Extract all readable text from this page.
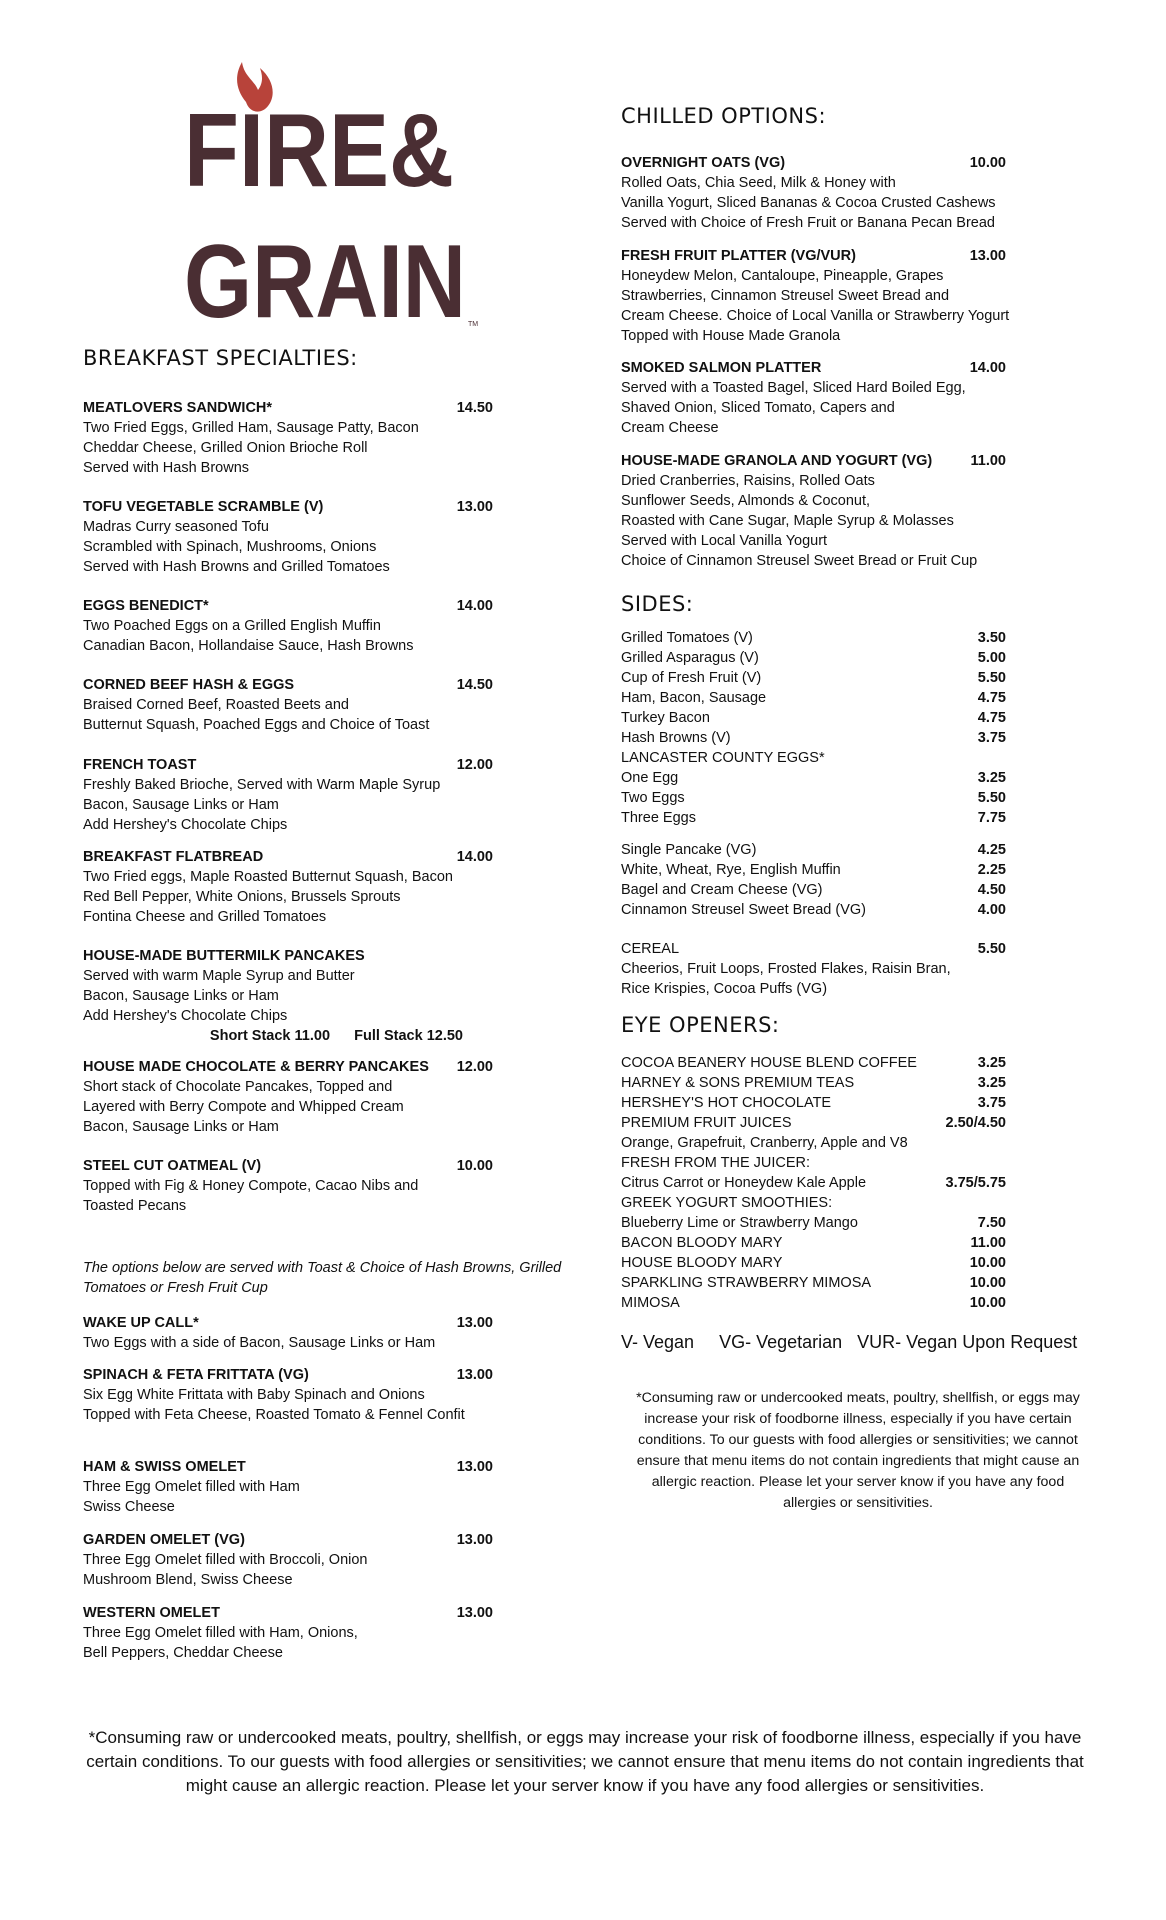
FIRE&
GRAIN TM
BREAKFAST SPECIALTIES:
MEATLOVERS SANDWICH*	14.50
Two Fried Eggs, Grilled Ham, Sausage Patty, Bacon
Cheddar Cheese, Grilled Onion Brioche Roll
Served with Hash Browns
TOFU VEGETABLE SCRAMBLE (V)	13.00
Madras Curry seasoned Tofu
Scrambled with Spinach, Mushrooms, Onions
Served with Hash Browns and Grilled Tomatoes
EGGS BENEDICT*	14.00
Two Poached Eggs on a Grilled English Muffin
Canadian Bacon, Hollandaise Sauce, Hash Browns
CORNED BEEF HASH & EGGS	14.50
Braised Corned Beef, Roasted Beets and
Butternut Squash, Poached Eggs and Choice of Toast
FRENCH TOAST	12.00
Freshly Baked Brioche, Served with Warm Maple Syrup
Bacon, Sausage Links or Ham
Add Hershey's Chocolate Chips
BREAKFAST FLATBREAD	14.00
Two Fried eggs, Maple Roasted Butternut Squash, Bacon
Red Bell Pepper, White Onions, Brussels Sprouts
Fontina Cheese and Grilled Tomatoes
HOUSE-MADE BUTTERMILK PANCAKES
Served with warm Maple Syrup and Butter
Bacon, Sausage Links or Ham
Add Hershey's Chocolate Chips
Short Stack 11.00      Full Stack 12.50
HOUSE MADE CHOCOLATE & BERRY PANCAKES 12.00
Short stack of Chocolate Pancakes, Topped and
Layered with Berry Compote and Whipped Cream
Bacon, Sausage Links or Ham
STEEL CUT OATMEAL (V)	10.00
Topped with Fig & Honey Compote, Cacao Nibs and
Toasted Pecans
The options below are served with Toast & Choice of Hash Browns, Grilled Tomatoes or Fresh Fruit Cup
WAKE UP CALL*	13.00
Two Eggs with a side of Bacon, Sausage Links or Ham
SPINACH & FETA FRITTATA (VG)	13.00
Six Egg White Frittata with Baby Spinach and Onions
Topped with Feta Cheese, Roasted Tomato & Fennel Confit
HAM & SWISS OMELET	13.00
Three Egg Omelet filled with Ham
Swiss Cheese
GARDEN OMELET (VG)	13.00
Three Egg Omelet filled with Broccoli, Onion
Mushroom Blend, Swiss Cheese
WESTERN OMELET	13.00
Three Egg Omelet filled with Ham, Onions,
Bell Peppers, Cheddar Cheese
CHILLED OPTIONS:
OVERNIGHT OATS (VG)	10.00
Rolled Oats, Chia Seed, Milk & Honey with
Vanilla Yogurt, Sliced Bananas & Cocoa Crusted Cashews
Served with Choice of Fresh Fruit or Banana Pecan Bread
FRESH FRUIT PLATTER (VG/VUR)	13.00
Honeydew Melon, Cantaloupe, Pineapple, Grapes
Strawberries, Cinnamon Streusel Sweet Bread and
Cream Cheese. Choice of Local Vanilla or Strawberry Yogurt
Topped with House Made Granola
SMOKED SALMON PLATTER	14.00
Served with a Toasted Bagel, Sliced Hard Boiled Egg,
Shaved Onion, Sliced Tomato, Capers and
Cream Cheese
HOUSE-MADE GRANOLA AND YOGURT (VG)	11.00
Dried Cranberries, Raisins, Rolled Oats
Sunflower Seeds, Almonds & Coconut,
Roasted with Cane Sugar, Maple Syrup & Molasses
Served with Local Vanilla Yogurt
Choice of Cinnamon Streusel Sweet Bread or Fruit Cup
SIDES:
Grilled Tomatoes (V)	3.50
Grilled Asparagus (V)	5.00
Cup of Fresh Fruit (V)	5.50
Ham, Bacon, Sausage	4.75
Turkey Bacon	4.75
Hash Browns (V)	3.75
LANCASTER COUNTY EGGS*
One Egg	3.25
Two Eggs	5.50
Three Eggs	7.75
Single Pancake (VG)	4.25
White, Wheat, Rye, English Muffin	2.25
Bagel and Cream Cheese (VG)	4.50
Cinnamon Streusel Sweet Bread (VG)	4.00
CEREAL	5.50
Cheerios, Fruit Loops, Frosted Flakes, Raisin Bran,
Rice Krispies, Cocoa Puffs (VG)
EYE OPENERS:
COCOA BEANERY HOUSE BLEND COFFEE	3.25
HARNEY & SONS PREMIUM TEAS	3.25
HERSHEY'S HOT CHOCOLATE	3.75
PREMIUM FRUIT JUICES	2.50/4.50
Orange, Grapefruit, Cranberry, Apple and V8
FRESH FROM THE JUICER:
Citrus Carrot or Honeydew Kale Apple	3.75/5.75
GREEK YOGURT SMOOTHIES:
Blueberry Lime or Strawberry Mango	7.50
BACON BLOODY MARY	11.00
HOUSE BLOODY MARY	10.00
SPARKLING STRAWBERRY MIMOSA	10.00
MIMOSA	10.00
V- Vegan     VG- Vegetarian   VUR- Vegan Upon Request
*Consuming raw or undercooked meats, poultry, shellfish, or eggs may increase your risk of foodborne illness, especially if you have certain conditions. To our guests with food allergies or sensitivities; we cannot ensure that menu items do not contain ingredients that might cause an allergic reaction. Please let your server know if you have any food allergies or sensitivities.
*Consuming raw or undercooked meats, poultry, shellfish, or eggs may increase your risk of foodborne illness, especially if you have certain conditions. To our guests with food allergies or sensitivities; we cannot ensure that menu items do not contain ingredients that might cause an allergic reaction. Please let your server know if you have any food allergies or sensitivities.
